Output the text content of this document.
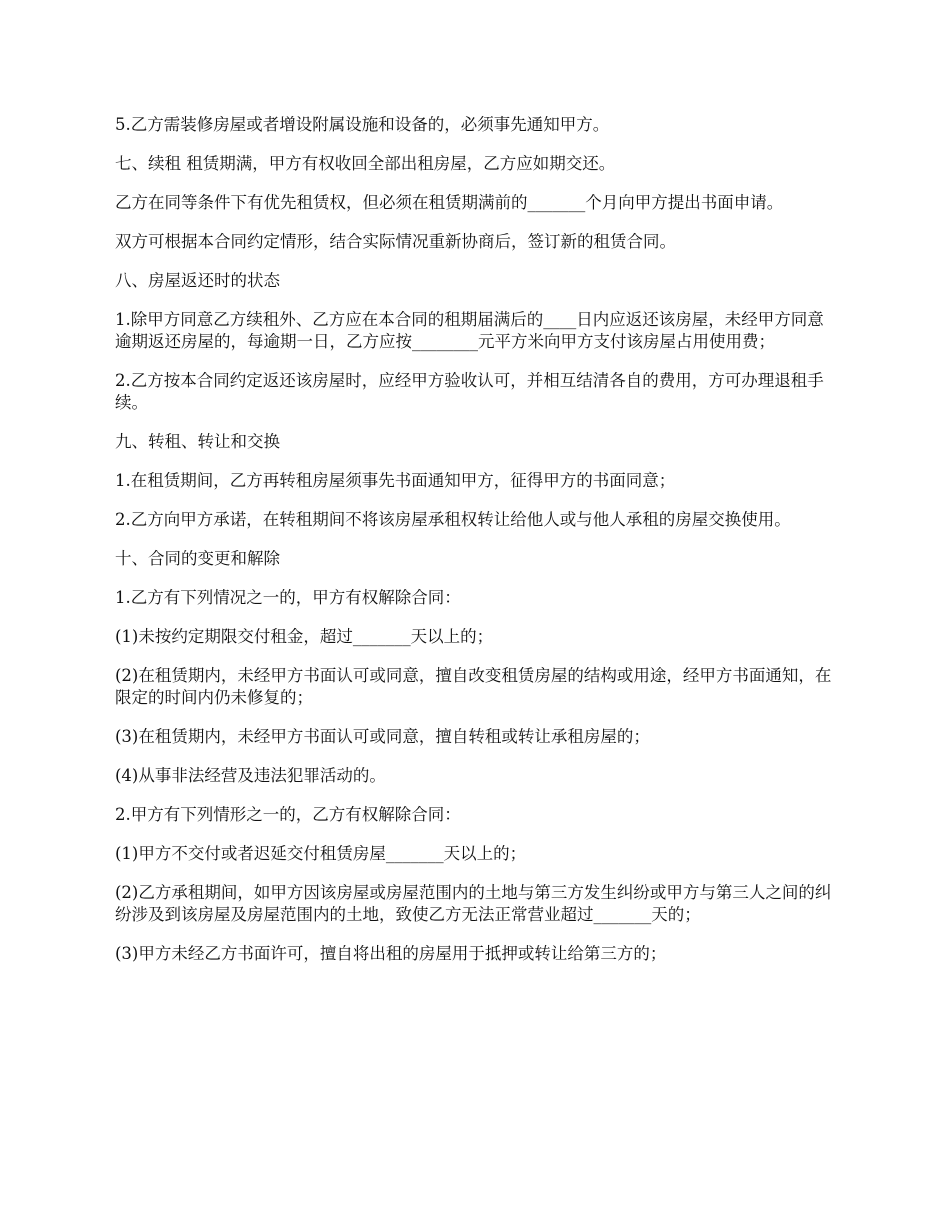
5.乙方需装修房屋或者增设附属设施和设备的，必须事先通知甲方。

七、续租 租赁期满，甲方有权收回全部出租房屋，乙方应如期交还。

乙方在同等条件下有优先租赁权，但必须在租赁期满前的_______个月向甲方提出书面申请。

双方可根据本合同约定情形，结合实际情况重新协商后，签订新的租赁合同。

八、房屋返还时的状态

1.除甲方同意乙方续租外、乙方应在本合同的租期届满后的____日内应返还该房屋，未经甲方同意逾期返还房屋的，每逾期一日，乙方应按________元平方米向甲方支付该房屋占用使用费；

2.乙方按本合同约定返还该房屋时，应经甲方验收认可，并相互结清各自的费用，方可办理退租手续。

九、转租、转让和交换

1.在租赁期间，乙方再转租房屋须事先书面通知甲方，征得甲方的书面同意；

2.乙方向甲方承诺，在转租期间不将该房屋承租权转让给他人或与他人承租的房屋交换使用。

十、合同的变更和解除

1.乙方有下列情况之一的，甲方有权解除合同：

(1)未按约定期限交付租金，超过_______天以上的；

(2)在租赁期内，未经甲方书面认可或同意，擅自改变租赁房屋的结构或用途，经甲方书面通知，在限定的时间内仍未修复的；

(3)在租赁期内，未经甲方书面认可或同意，擅自转租或转让承租房屋的；

(4)从事非法经营及违法犯罪活动的。

2.甲方有下列情形之一的，乙方有权解除合同：

(1)甲方不交付或者迟延交付租赁房屋_______天以上的；

(2)乙方承租期间，如甲方因该房屋或房屋范围内的土地与第三方发生纠纷或甲方与第三人之间的纠纷涉及到该房屋及房屋范围内的土地，致使乙方无法正常营业超过_______天的；

(3)甲方未经乙方书面许可，擅自将出租的房屋用于抵押或转让给第三方的；
